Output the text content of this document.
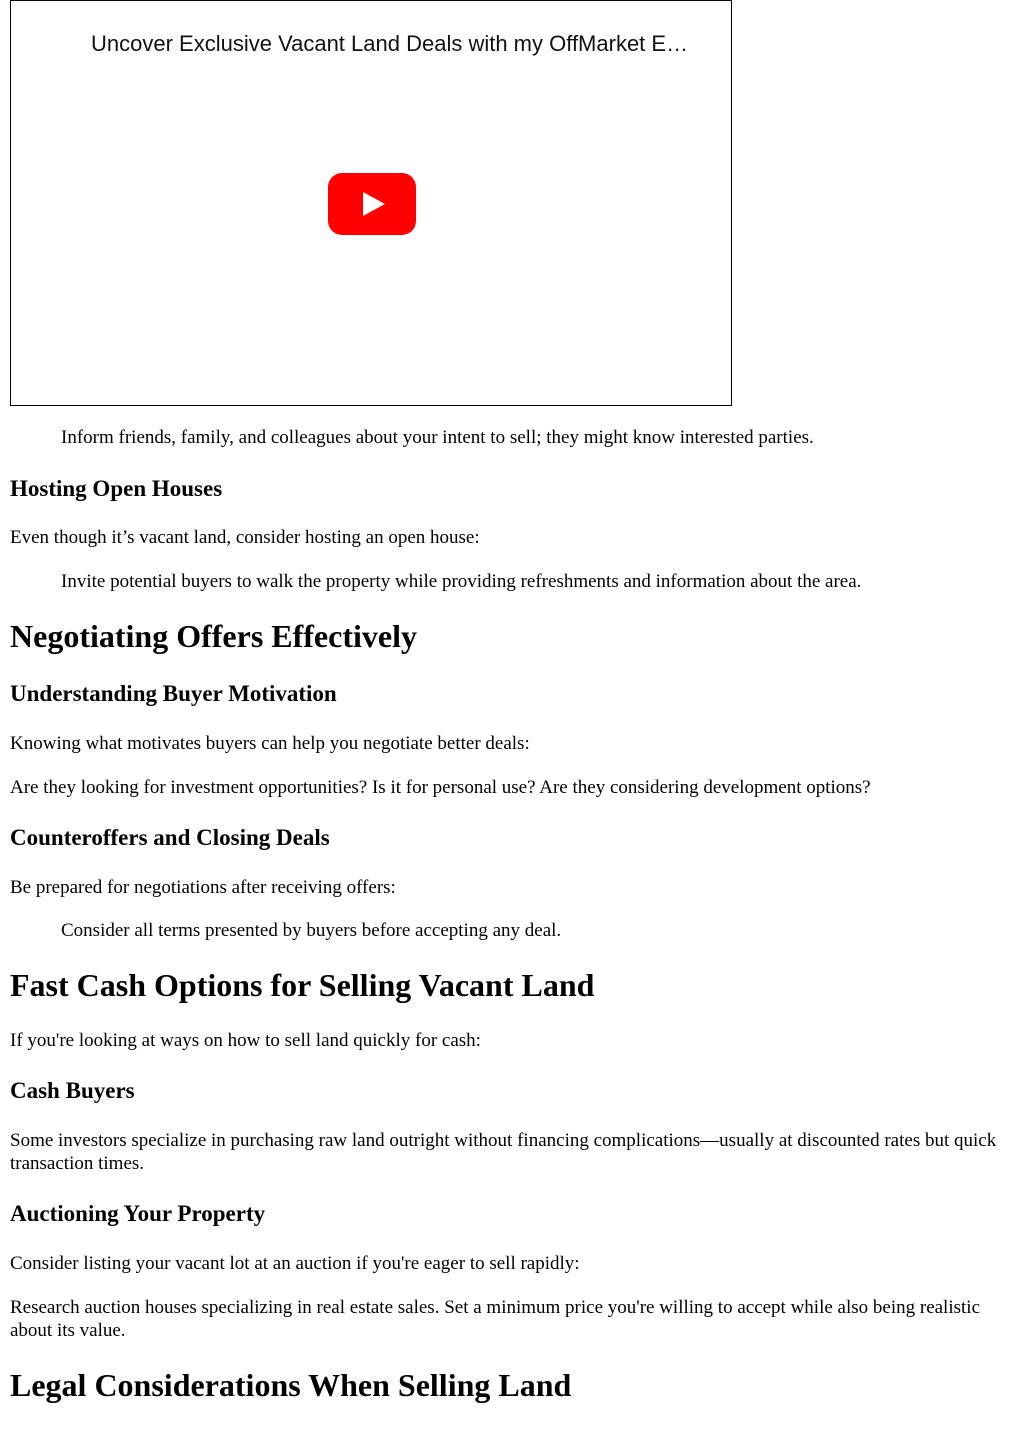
Uncover Exclusive Vacant Land Deals with my OffMarket E…

Inform friends, family, and colleagues about your intent to sell; they might know interested parties.

Hosting Open Houses

Even though it’s vacant land, consider hosting an open house:

Invite potential buyers to walk the property while providing refreshments and information about the area.

Negotiating Offers Effectively
Understanding Buyer Motivation

Knowing what motivates buyers can help you negotiate better deals:

Are they looking for investment opportunities? Is it for personal use? Are they considering development options?

Counteroffers and Closing Deals

Be prepared for negotiations after receiving offers:

Consider all terms presented by buyers before accepting any deal.

Fast Cash Options for Selling Vacant Land

If you're looking at ways on how to sell land quickly for cash:

Cash Buyers

Some investors specialize in purchasing raw land outright without financing complications—usually at discounted rates but quick transaction times.

Auctioning Your Property

Consider listing your vacant lot at an auction if you're eager to sell rapidly:

Research auction houses specializing in real estate sales. Set a minimum price you're willing to accept while also being realistic about its value.

Legal Considerations When Selling Land
